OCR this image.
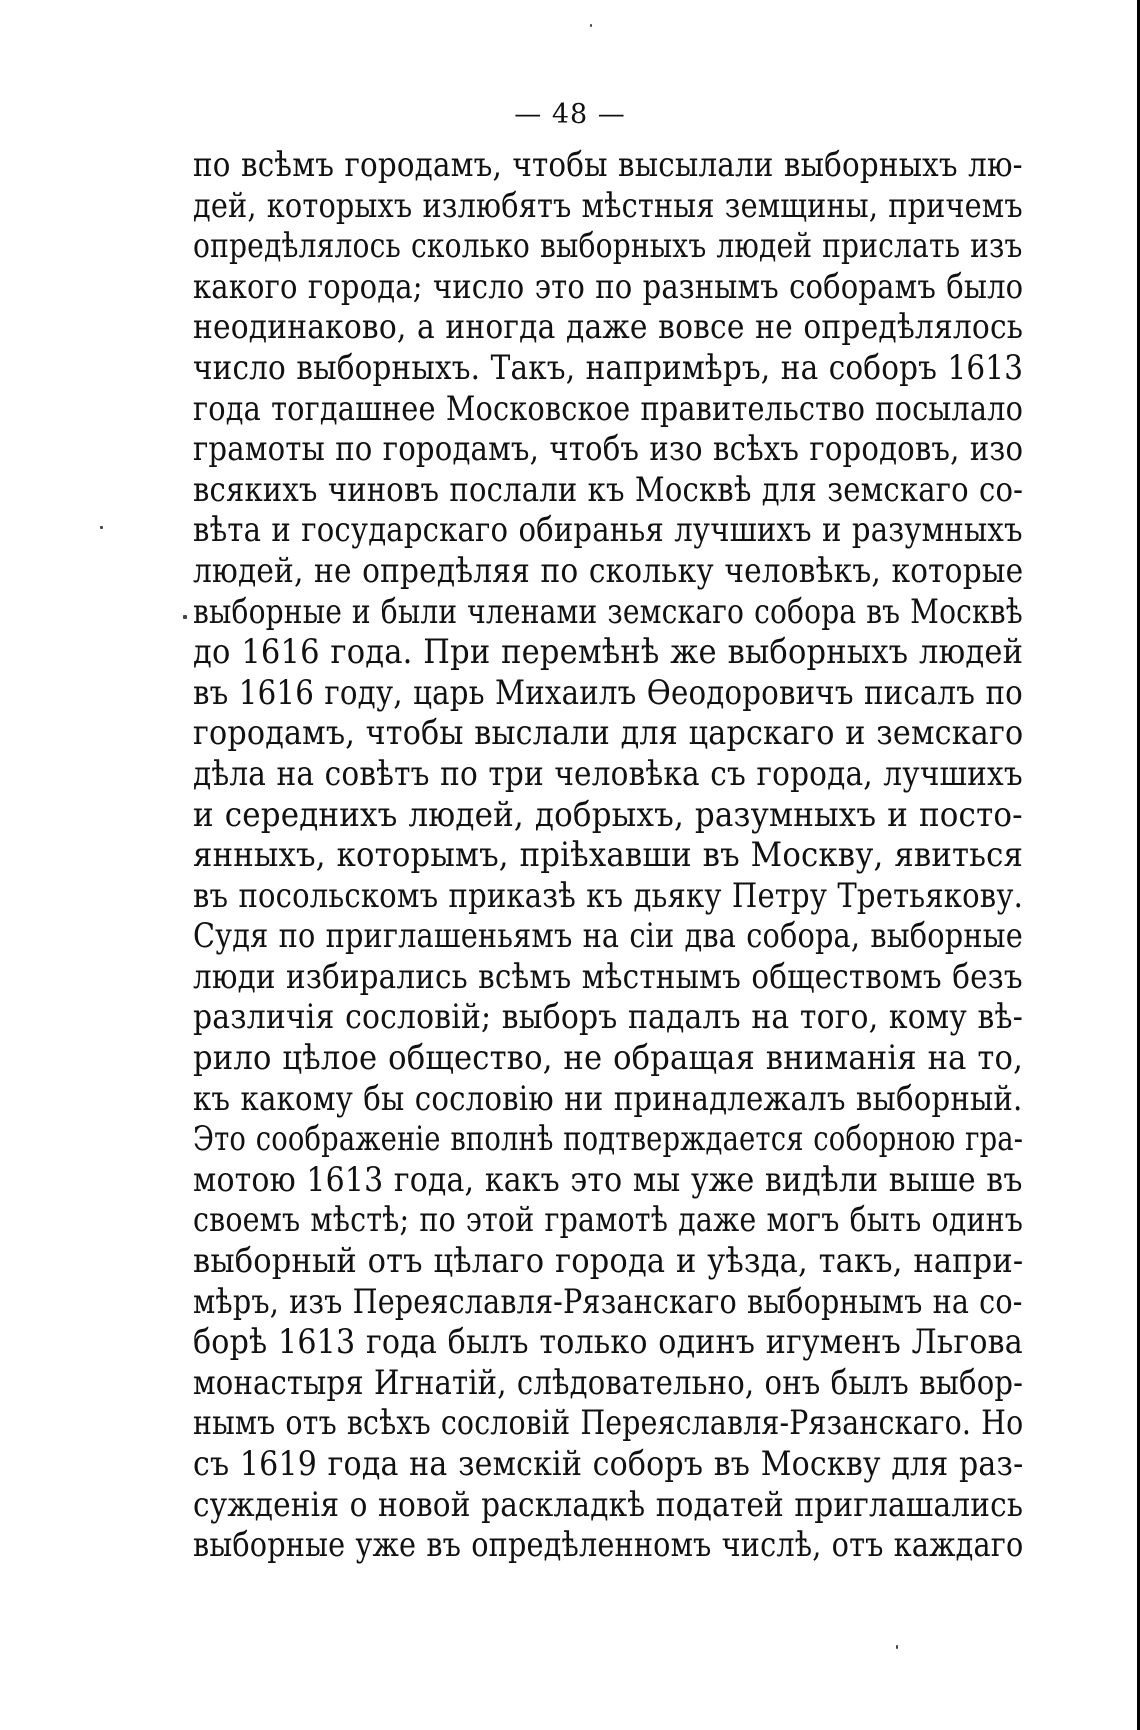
— 48 —
по всѣмъ городамъ, чтобы высылали выборныхъ лю-
дей, которыхъ излюбятъ мѣстныя земщины, причемъ
опредѣлялось сколько выборныхъ людей прислать изъ
какого города; число это по разнымъ соборамъ было
неодинаково, а иногда даже вовсе не опредѣлялось
число выборныхъ. Такъ, напримѣръ, на соборъ 1613
года тогдашнее Московское правительство посылало
грамоты по городамъ, чтобъ изо всѣхъ городовъ, изо
всякихъ чиновъ послали къ Москвѣ для земскаго со-
вѣта и государскаго обиранья лучшихъ и разумныхъ
людей, не опредѣляя по скольку человѣкъ, которые
выборные и были членами земскаго собора въ Москвѣ
до 1616 года. При перемѣнѣ же выборныхъ людей
въ 1616 году, царь Михаилъ Ѳеодоровичъ писалъ по
городамъ, чтобы выслали для царскаго и земскаго
дѣла на совѣтъ по три человѣка съ города, лучшихъ
и середнихъ людей, добрыхъ, разумныхъ и посто-
янныхъ, которымъ, пріѣхавши въ Москву, явиться
въ посольскомъ приказѣ къ дьяку Петру Третьякову.
Судя по приглашеньямъ на сіи два собора, выборные
люди избирались всѣмъ мѣстнымъ обществомъ безъ
различія сословій; выборъ падалъ на того, кому вѣ-
рило цѣлое общество, не обращая вниманія на то,
къ какому бы сословію ни принадлежалъ выборный.
Это соображеніе вполнѣ подтверждается соборною гра-
мотою 1613 года, какъ это мы уже видѣли выше въ
своемъ мѣстѣ; по этой грамотѣ даже могъ быть одинъ
выборный отъ цѣлаго города и уѣзда, такъ, напри-
мѣръ, изъ Переяславля-Рязанскаго выборнымъ на со-
борѣ 1613 года былъ только одинъ игуменъ Льгова
монастыря Игнатій, слѣдовательно, онъ былъ выбор-
нымъ отъ всѣхъ сословій Переяславля-Рязанскаго. Но
съ 1619 года на земскій соборъ въ Москву для раз-
сужденія о новой раскладкѣ податей приглашались
выборные уже въ опредѣленномъ числѣ, отъ каждаго
